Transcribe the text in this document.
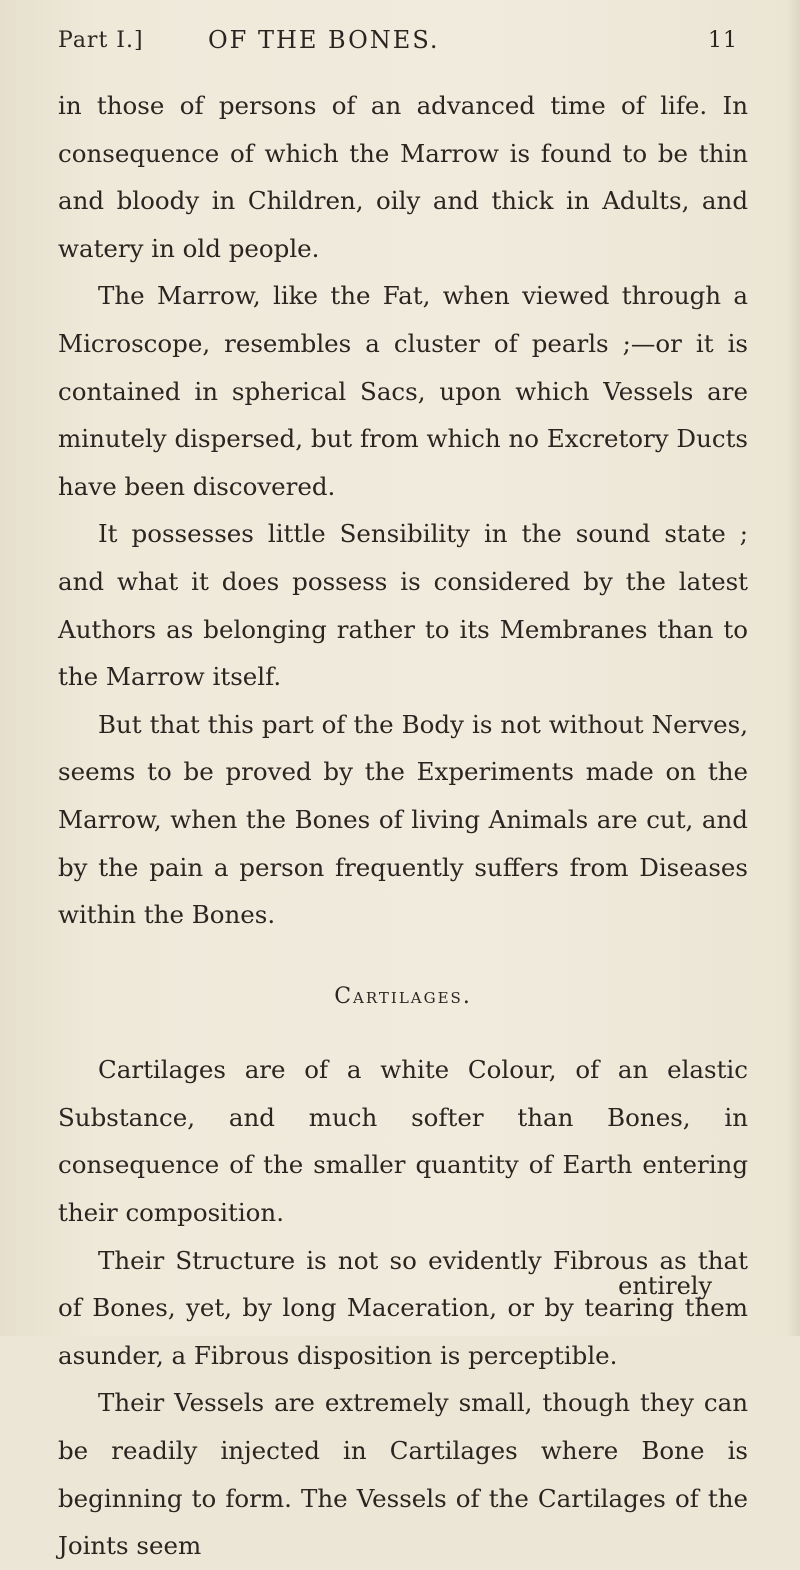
Part I.]	OF THE BONES.	11

in those of persons of an advanced time of life. In consequence of which the Marrow is found to be thin and bloody in Children, oily and thick in Adults, and watery in old people.

The Marrow, like the Fat, when viewed through a Microscope, resembles a cluster of pearls ;—or it is contained in spherical Sacs, upon which Vessels are minutely dispersed, but from which no Excretory Ducts have been discovered.

It possesses little Sensibility in the sound state ; and what it does possess is considered by the latest Authors as belonging rather to its Membranes than to the Marrow itself.

But that this part of the Body is not without Nerves, seems to be proved by the Experiments made on the Marrow, when the Bones of living Animals are cut, and by the pain a person frequently suffers from Diseases within the Bones.

Cartilages.

Cartilages are of a white Colour, of an elastic Substance, and much softer than Bones, in consequence of the smaller quantity of Earth entering their composition.

Their Structure is not so evidently Fibrous as that of Bones, yet, by long Maceration, or by tearing them asunder, a Fibrous disposition is perceptible.

Their Vessels are extremely small, though they can be readily injected in Cartilages where Bone is beginning to form. The Vessels of the Cartilages of the Joints seem

entirely
